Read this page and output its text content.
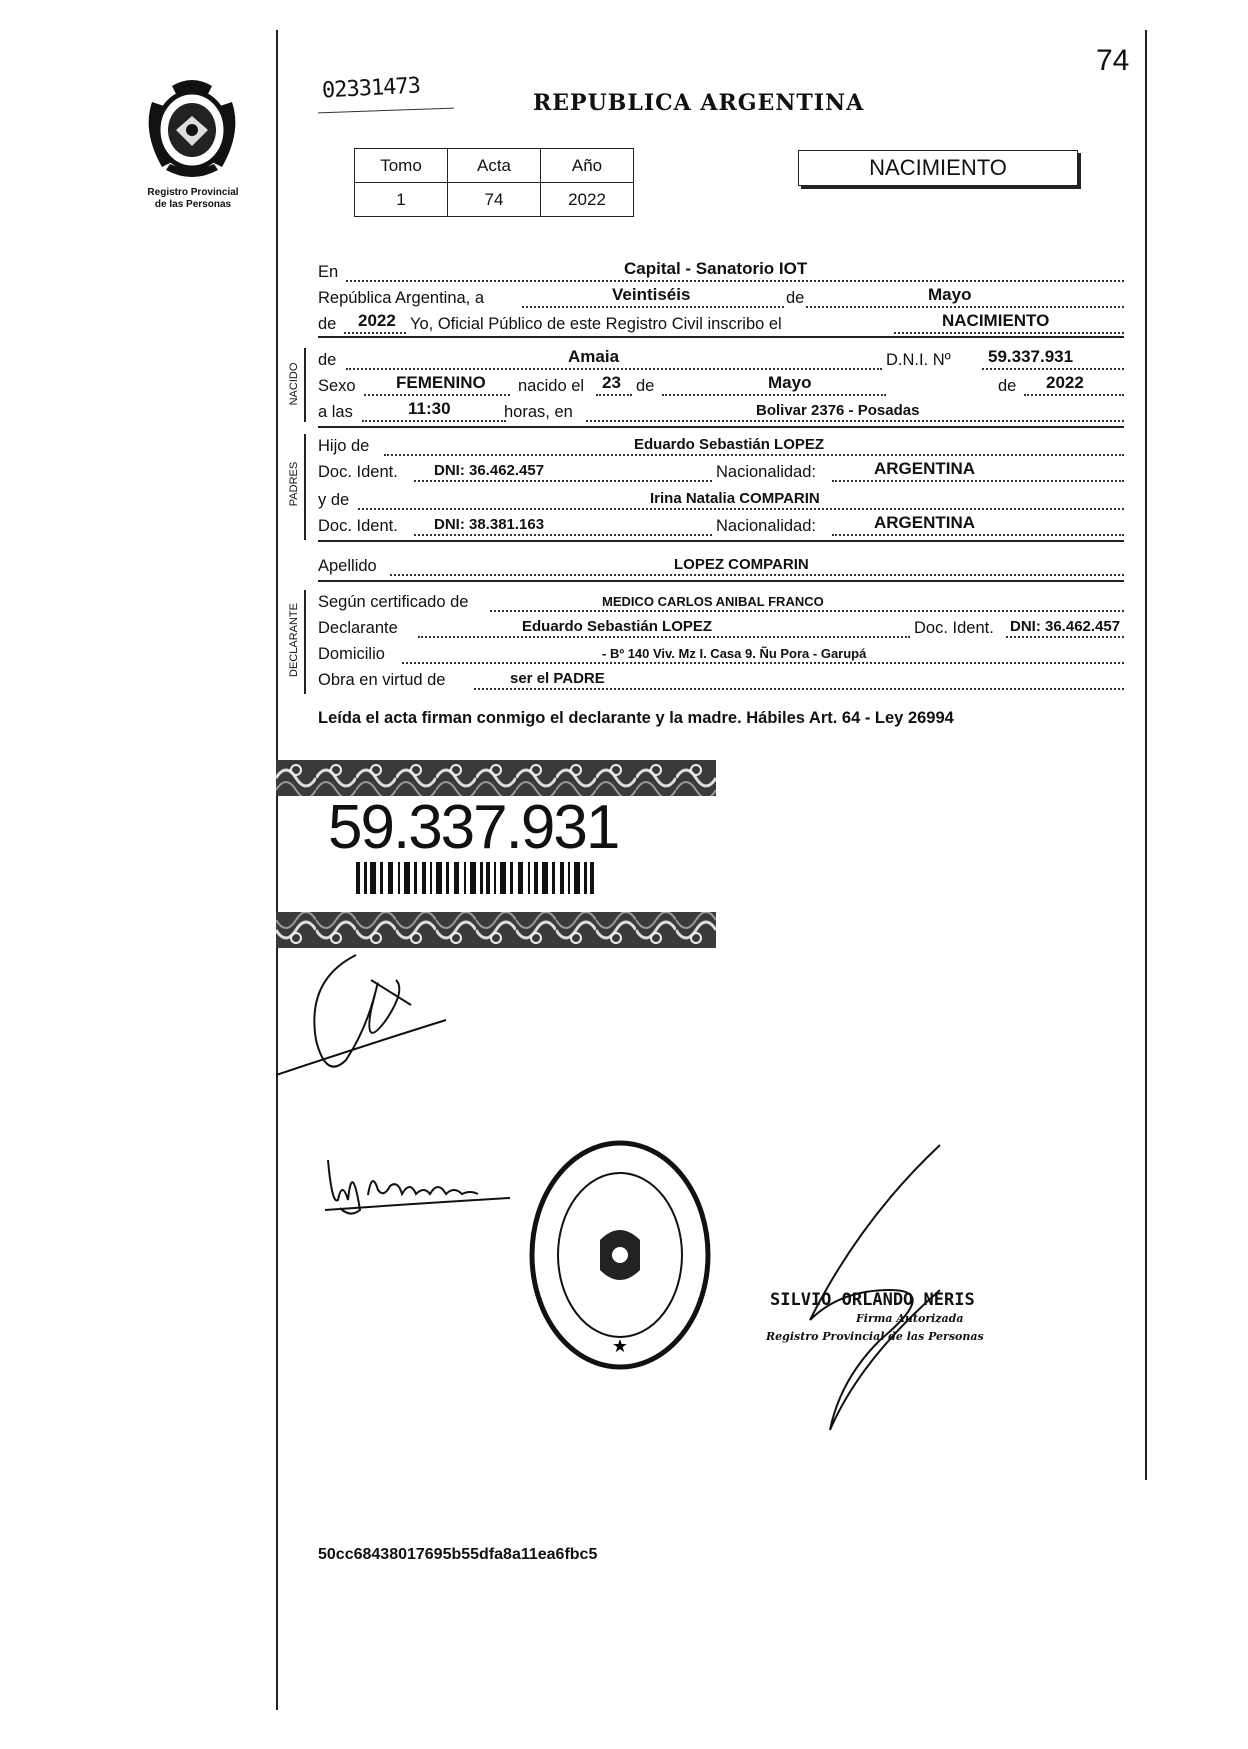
74
Registro Provincial
de las Personas
02331473	REPUBLICA ARGENTINA
Tomo	Acta	Año
1	74	2022
NACIMIENTO
En	Capital - Sanatorio IOT
República Argentina, a	Veintiséis	de	Mayo
de 2022 Yo, Oficial Público de este Registro Civil inscribo el	NACIMIENTO
NACIDO
de	Amaia	D.N.I. Nº 59.337.931
Sexo FEMENINO nacido el 23 de	Mayo	de 2022
a las	11:30	horas, en	Bolivar 2376 - Posadas
PADRES
Hijo de	Eduardo Sebastián LOPEZ
Doc. Ident. DNI: 36.462.457	Nacionalidad:	ARGENTINA
y de	Irina Natalia COMPARIN
Doc. Ident. DNI: 38.381.163	Nacionalidad:	ARGENTINA
Apellido	LOPEZ COMPARIN
DECLARANTE
Según certificado de	MEDICO CARLOS ANIBAL FRANCO
Declarante	Eduardo Sebastián LOPEZ	Doc. Ident. DNI: 36.462.457
Domicilio	- Bº 140 Viv. Mz I. Casa 9. Ñu Pora - Garupá
Obra en virtud de	ser el PADRE
Leída el acta firman conmigo el declarante y la madre. Hábiles Art. 64 - Ley 26994
59.337.931
★
SILVIO ORLANDO NERIS
Firma Autorizada
Registro Provincial de las Personas
50cc68438017695b55dfa8a11ea6fbc5
